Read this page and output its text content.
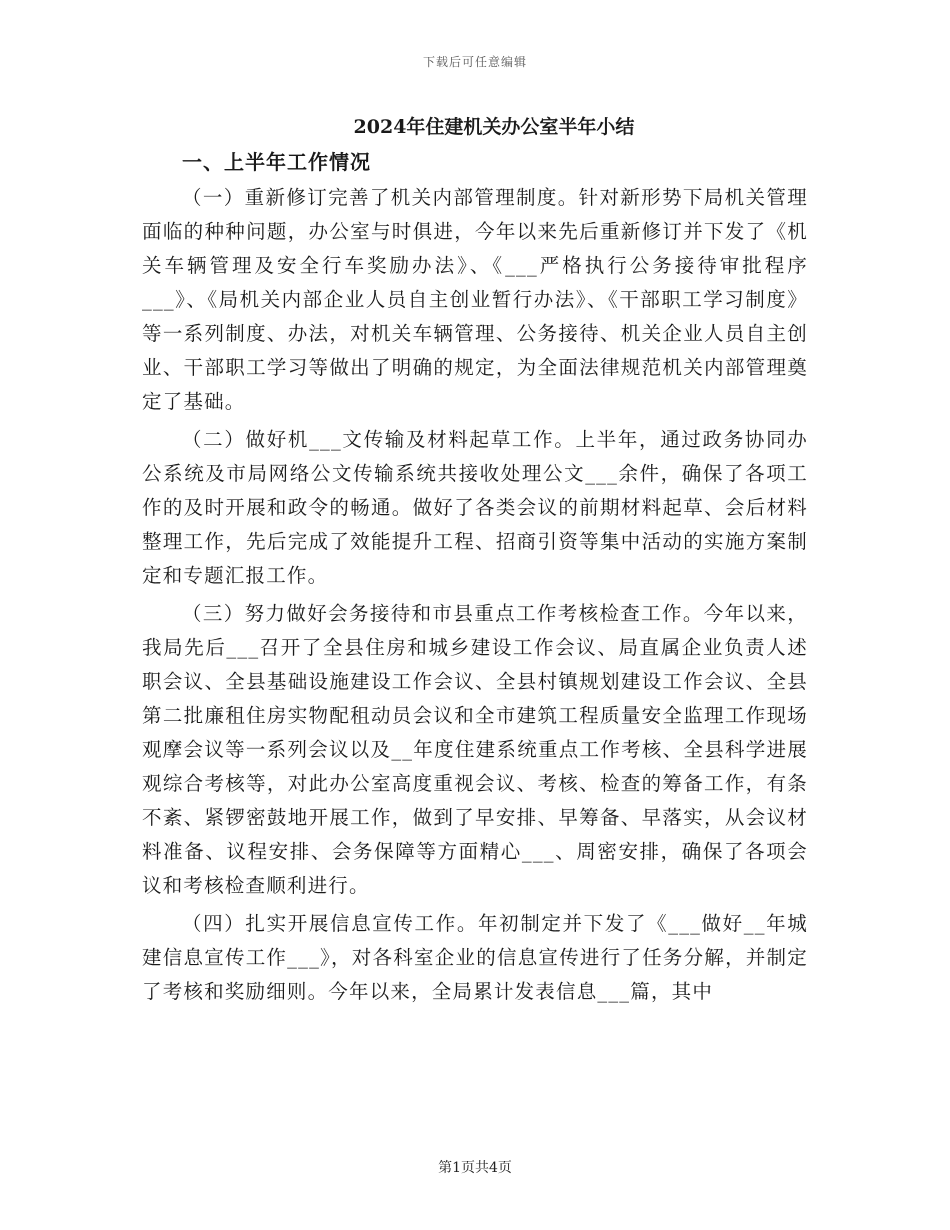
下载后可任意编辑
2024年住建机关办公室半年小结
一、上半年工作情况

（一）重新修订完善了机关内部管理制度。针对新形势下局机关管理面临的种种问题，办公室与时俱进，今年以来先后重新修订并下发了《机关车辆管理及安全行车奖励办法》、《___严格执行公务接待审批程序___》、《局机关内部企业人员自主创业暂行办法》、《干部职工学习制度》等一系列制度、办法，对机关车辆管理、公务接待、机关企业人员自主创业、干部职工学习等做出了明确的规定，为全面法律规范机关内部管理奠定了基础。

（二）做好机___文传输及材料起草工作。上半年，通过政务协同办公系统及市局网络公文传输系统共接收处理公文___余件，确保了各项工作的及时开展和政令的畅通。做好了各类会议的前期材料起草、会后材料整理工作，先后完成了效能提升工程、招商引资等集中活动的实施方案制定和专题汇报工作。

（三）努力做好会务接待和市县重点工作考核检查工作。今年以来，我局先后___召开了全县住房和城乡建设工作会议、局直属企业负责人述职会议、全县基础设施建设工作会议、全县村镇规划建设工作会议、全县第二批廉租住房实物配租动员会议和全市建筑工程质量安全监理工作现场观摩会议等一系列会议以及__年度住建系统重点工作考核、全县科学进展观综合考核等，对此办公室高度重视会议、考核、检查的筹备工作，有条不紊、紧锣密鼓地开展工作，做到了早安排、早筹备、早落实，从会议材料准备、议程安排、会务保障等方面精心___、周密安排，确保了各项会议和考核检查顺利进行。

（四）扎实开展信息宣传工作。年初制定并下发了《___做好__年城建信息宣传工作___》，对各科室企业的信息宣传进行了任务分解，并制定了考核和奖励细则。今年以来，全局累计发表信息___篇，其中

第1页共4页
